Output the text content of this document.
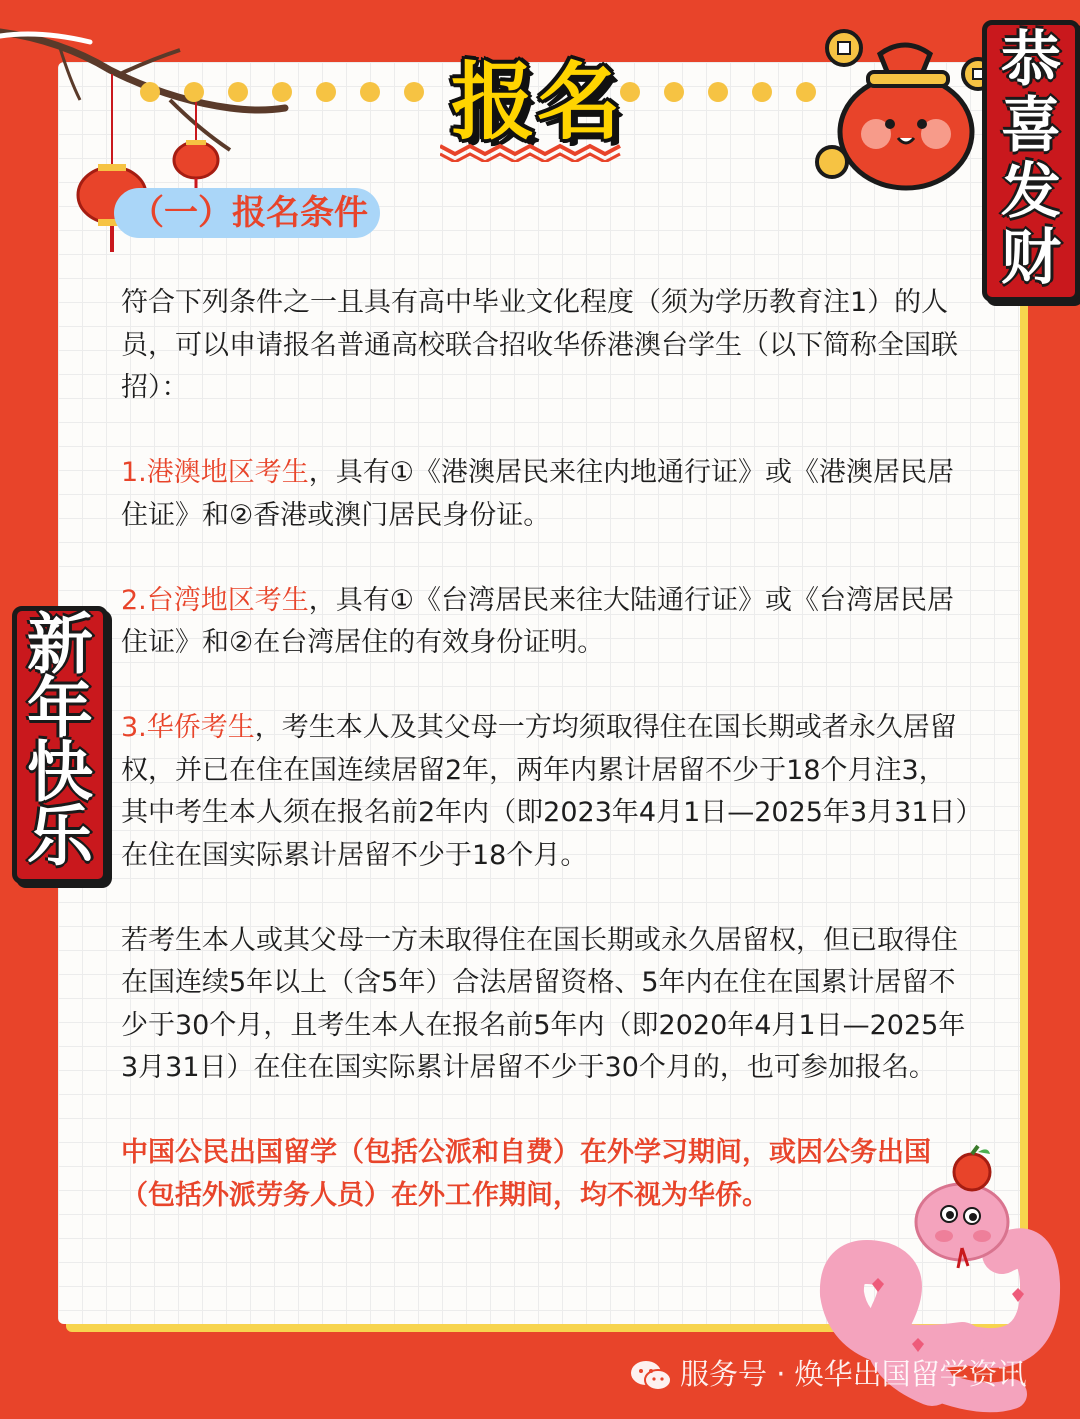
报名	恭
喜
发
财
新
年
快
乐
（一）报名条件

符合下列条件之一且具有高中毕业文化程度（须为学历教育注1）的人员，可以申请报名普通高校联合招收华侨港澳台学生（以下简称全国联招）：

1.港澳地区考生，具有①《港澳居民来往内地通行证》或《港澳居民居住证》和②香港或澳门居民身份证。

2.台湾地区考生，具有①《台湾居民来往大陆通行证》或《台湾居民居住证》和②在台湾居住的有效身份证明。

3.华侨考生，考生本人及其父母一方均须取得住在国长期或者永久居留权，并已在住在国连续居留2年，两年内累计居留不少于18个月注3，其中考生本人须在报名前2年内（即2023年4月1日—2025年3月31日）在住在国实际累计居留不少于18个月。

若考生本人或其父母一方未取得住在国长期或永久居留权，但已取得住在国连续5年以上（含5年）合法居留资格、5年内在住在国累计居留不少于30个月，且考生本人在报名前5年内（即2020年4月1日—2025年3月31日）在住在国实际累计居留不少于30个月的，也可参加报名。

中国公民出国留学（包括公派和自费）在外学习期间，或因公务出国（包括外派劳务人员）在外工作期间，均不视为华侨。

服务号 · 焕华出国留学资讯
